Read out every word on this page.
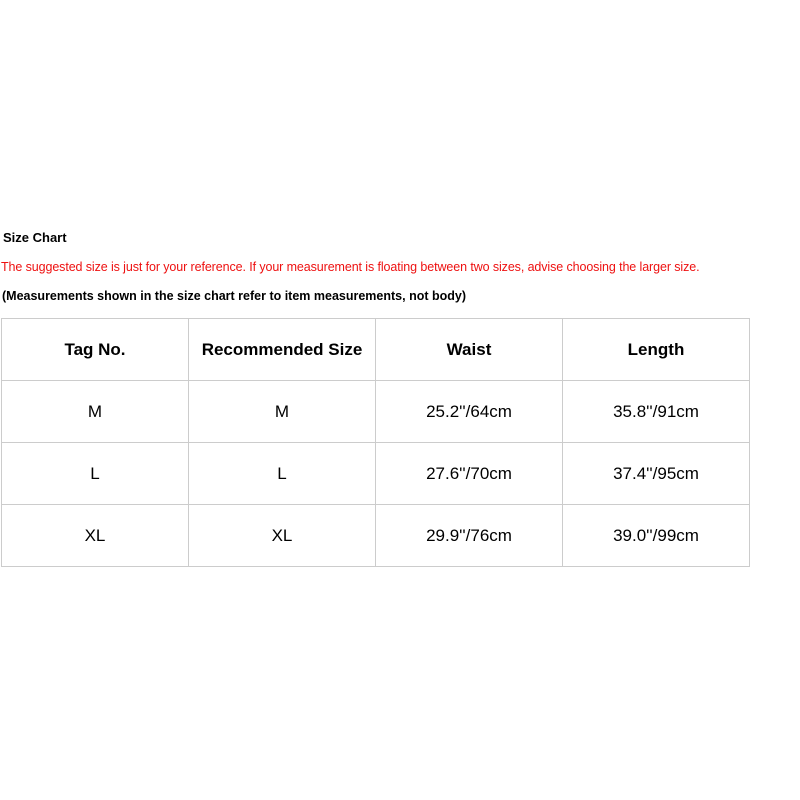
Size Chart
The suggested size is just for your reference. If your measurement is floating between two sizes, advise choosing the larger size.
(Measurements shown in the size chart refer to item measurements, not body)
Tag No.	Recommended Size	Waist	Length
M	M	25.2''/64cm	35.8''/91cm
L	L	27.6''/70cm	37.4''/95cm
XL	XL	29.9''/76cm	39.0''/99cm
